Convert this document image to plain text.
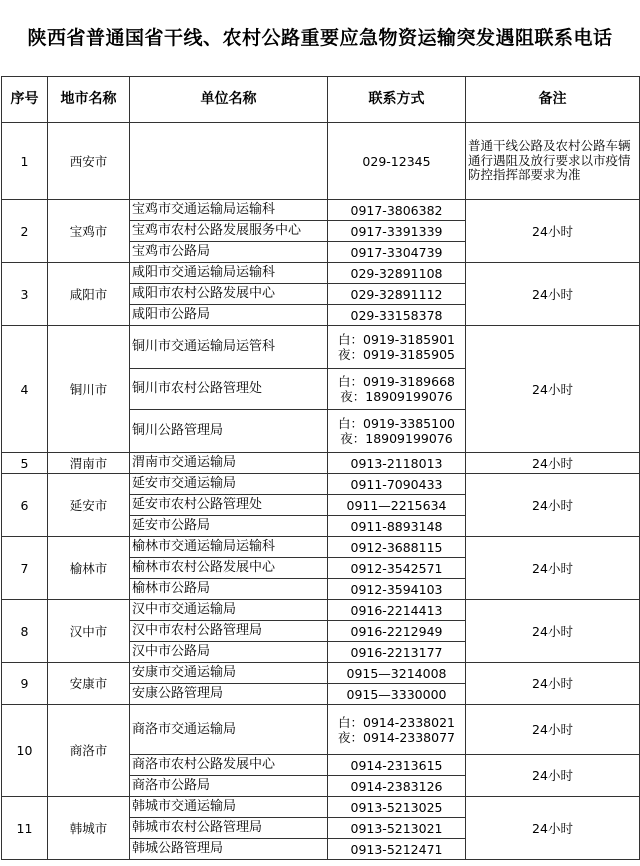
陕西省普通国省干线、农村公路重要应急物资运输突发遇阻联系电话
序号	地市名称	单位名称	联系方式	备注
1	西安市		029-12345	普通干线公路及农村公路车辆通行遇阻及放行要求以市疫情防控指挥部要求为准
2	宝鸡市	宝鸡市交通运输局运输科	0917-3806382	24小时
		宝鸡市农村公路发展服务中心	0917-3391339	
		宝鸡市公路局	0917-3304739	
3	咸阳市	咸阳市交通运输局运输科	029-32891108	24小时
		咸阳市农村公路发展中心	029-32891112	
		咸阳市公路局	029-33158378	
4	铜川市	铜川市交通运输局运管科	白：0919-3185901
夜：0919-3185905	24小时
		铜川市农村公路管理处	白：0919-3189668
夜：18909199076	

		铜川公路管理局	白：0919-3385100
夜：18909199076	

5	渭南市	渭南市交通运输局	0913-2118013	24小时
6	延安市	延安市交通运输局	0911-7090433	24小时
		延安市农村公路管理处	0911—2215634	
		延安市公路局	0911-8893148	
7	榆林市	榆林市交通运输局运输科	0912-3688115	24小时
		榆林市农村公路发展中心	0912-3542571	
		榆林市公路局	0912-3594103	
8	汉中市	汉中市交通运输局	0916-2214413	24小时
		汉中市农村公路管理局	0916-2212949	
		汉中市公路局	0916-2213177	
9	安康市	安康市交通运输局	0915—3214008	24小时
		安康公路管理局	0915—3330000	
10	商洛市	商洛市交通运输局	白：0914-2338021
夜：0914-2338077	24小时
		商洛市农村公路发展中心	0914-2313615	24小时
		商洛市公路局	0914-2383126	
11	韩城市	韩城市交通运输局	0913-5213025	24小时
		韩城市农村公路管理局	0913-5213021	
		韩城公路管理局	0913-5212471	
